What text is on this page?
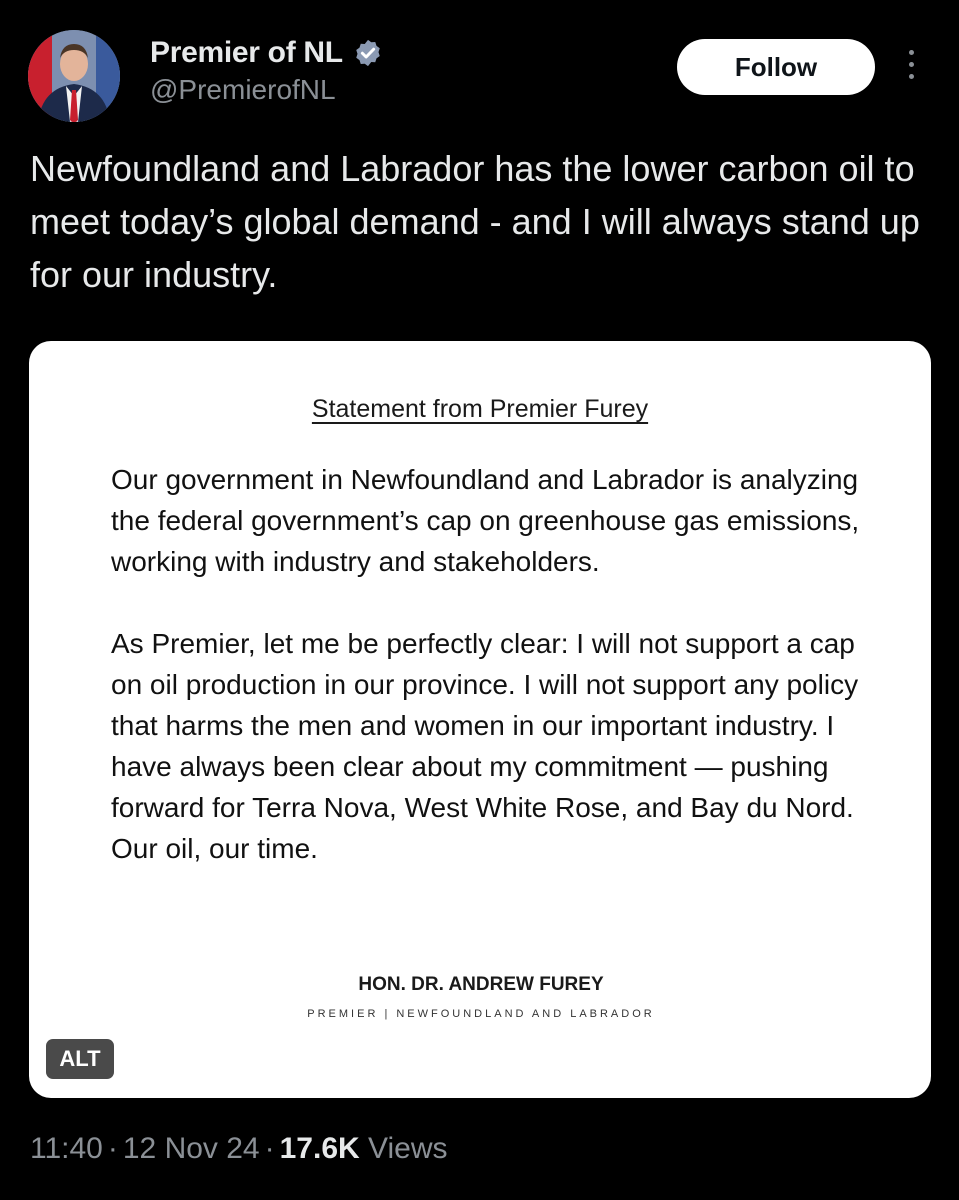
Premier of NL
@PremierofNL
Follow
Newfoundland and Labrador has the lower carbon oil to meet today’s global demand - and I will always stand up for our industry.
Statement from Premier Furey

Our government in Newfoundland and Labrador is analyzing the federal government’s cap on greenhouse gas emissions, working with industry and stakeholders.

As Premier, let me be perfectly clear: I will not support a cap on oil production in our province. I will not support any policy that harms the men and women in our important industry. I have always been clear about my commitment — pushing forward for Terra Nova, West White Rose, and Bay du Nord. Our oil, our time.

HON. DR. ANDREW FUREY
PREMIER | NEWFOUNDLAND AND LABRADOR
ALT
11:40 · 12 Nov 24 · 17.6K Views
